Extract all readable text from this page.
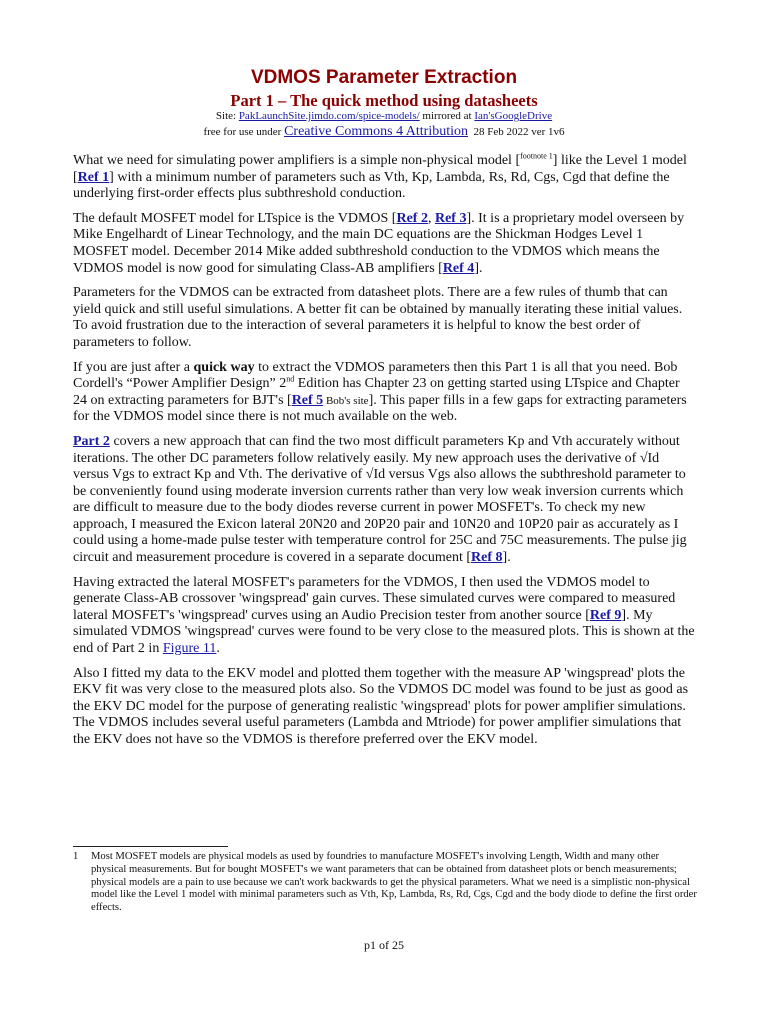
VDMOS Parameter Extraction
Part 1 – The quick method using datasheets
Site: PakLaunchSite.jimdo.com/spice-models/ mirrored at Ian'sGoogleDrive
free for use under Creative Commons 4 Attribution 28 Feb 2022 ver 1v6

What we need for simulating power amplifiers is a simple non-physical model [$^{footnote 1}$] like the Level 1 model [Ref 1] with a minimum number of parameters such as Vth, Kp, Lambda, Rs, Rd, Cgs, Cgd that define the underlying first-order effects plus subthreshold conduction.

The default MOSFET model for LTspice is the VDMOS [Ref 2, Ref 3]. It is a proprietary model overseen by Mike Engelhardt of Linear Technology, and the main DC equations are the Shickman Hodges Level 1 MOSFET model. December 2014 Mike added subthreshold conduction to the VDMOS which means the VDMOS model is now good for simulating Class-AB amplifiers [Ref 4].

Parameters for the VDMOS can be extracted from datasheet plots. There are a few rules of thumb that can yield quick and still useful simulations. A better fit can be obtained by manually iterating these initial values. To avoid frustration due to the interaction of several parameters it is helpful to know the best order of parameters to follow.

If you are just after a quick way to extract the VDMOS parameters then this Part 1 is all that you need. Bob Cordell's “Power Amplifier Design” 2nd Edition has Chapter 23 on getting started using LTspice and Chapter 24 on extracting parameters for BJT's [Ref 5 Bob's site]. This paper fills in a few gaps for extracting parameters for the VDMOS model since there is not much available on the web.

Part 2 covers a new approach that can find the two most difficult parameters Kp and Vth accurately without iterations. The other DC parameters follow relatively easily. My new approach uses the derivative of √Id versus Vgs to extract Kp and Vth. The derivative of √Id versus Vgs also allows the subthreshold parameter to be conveniently found using moderate inversion currents rather than very low weak inversion currents which are difficult to measure due to the body diodes reverse current in power MOSFET's. To check my new approach, I measured the Exicon lateral 20N20 and 20P20 pair and 10N20 and 10P20 pair as accurately as I could using a home-made pulse tester with temperature control for 25C and 75C measurements. The pulse jig circuit and measurement procedure is covered in a separate document [Ref 8].

Having extracted the lateral MOSFET's parameters for the VDMOS, I then used the VDMOS model to generate Class-AB crossover 'wingspread' gain curves. These simulated curves were compared to measured lateral MOSFET's 'wingspread' curves using an Audio Precision tester from another source [Ref 9]. My simulated VDMOS 'wingspread' curves were found to be very close to the measured plots. This is shown at the end of Part 2 in Figure 11.

Also I fitted my data to the EKV model and plotted them together with the measure AP 'wingspread' plots the EKV fit was very close to the measured plots also. So the VDMOS DC model was found to be just as good as the EKV DC model for the purpose of generating realistic 'wingspread' plots for power amplifier simulations. The VDMOS includes several useful parameters (Lambda and Mtriode) for power amplifier simulations that the EKV does not have so the VDMOS is therefore preferred over the EKV model.

1 Most MOSFET models are physical models as used by foundries to manufacture MOSFET's involving Length, Width and many other physical measurements. But for bought MOSFET's we want parameters that can be obtained from datasheet plots or bench measurements; physical models are a pain to use because we can't work backwards to get the physical parameters. What we need is a simplistic non-physical model like the Level 1 model with minimal parameters such as Vth, Kp, Lambda, Rs, Rd, Cgs, Cgd and the body diode to define the first order effects.
p1 of 25
